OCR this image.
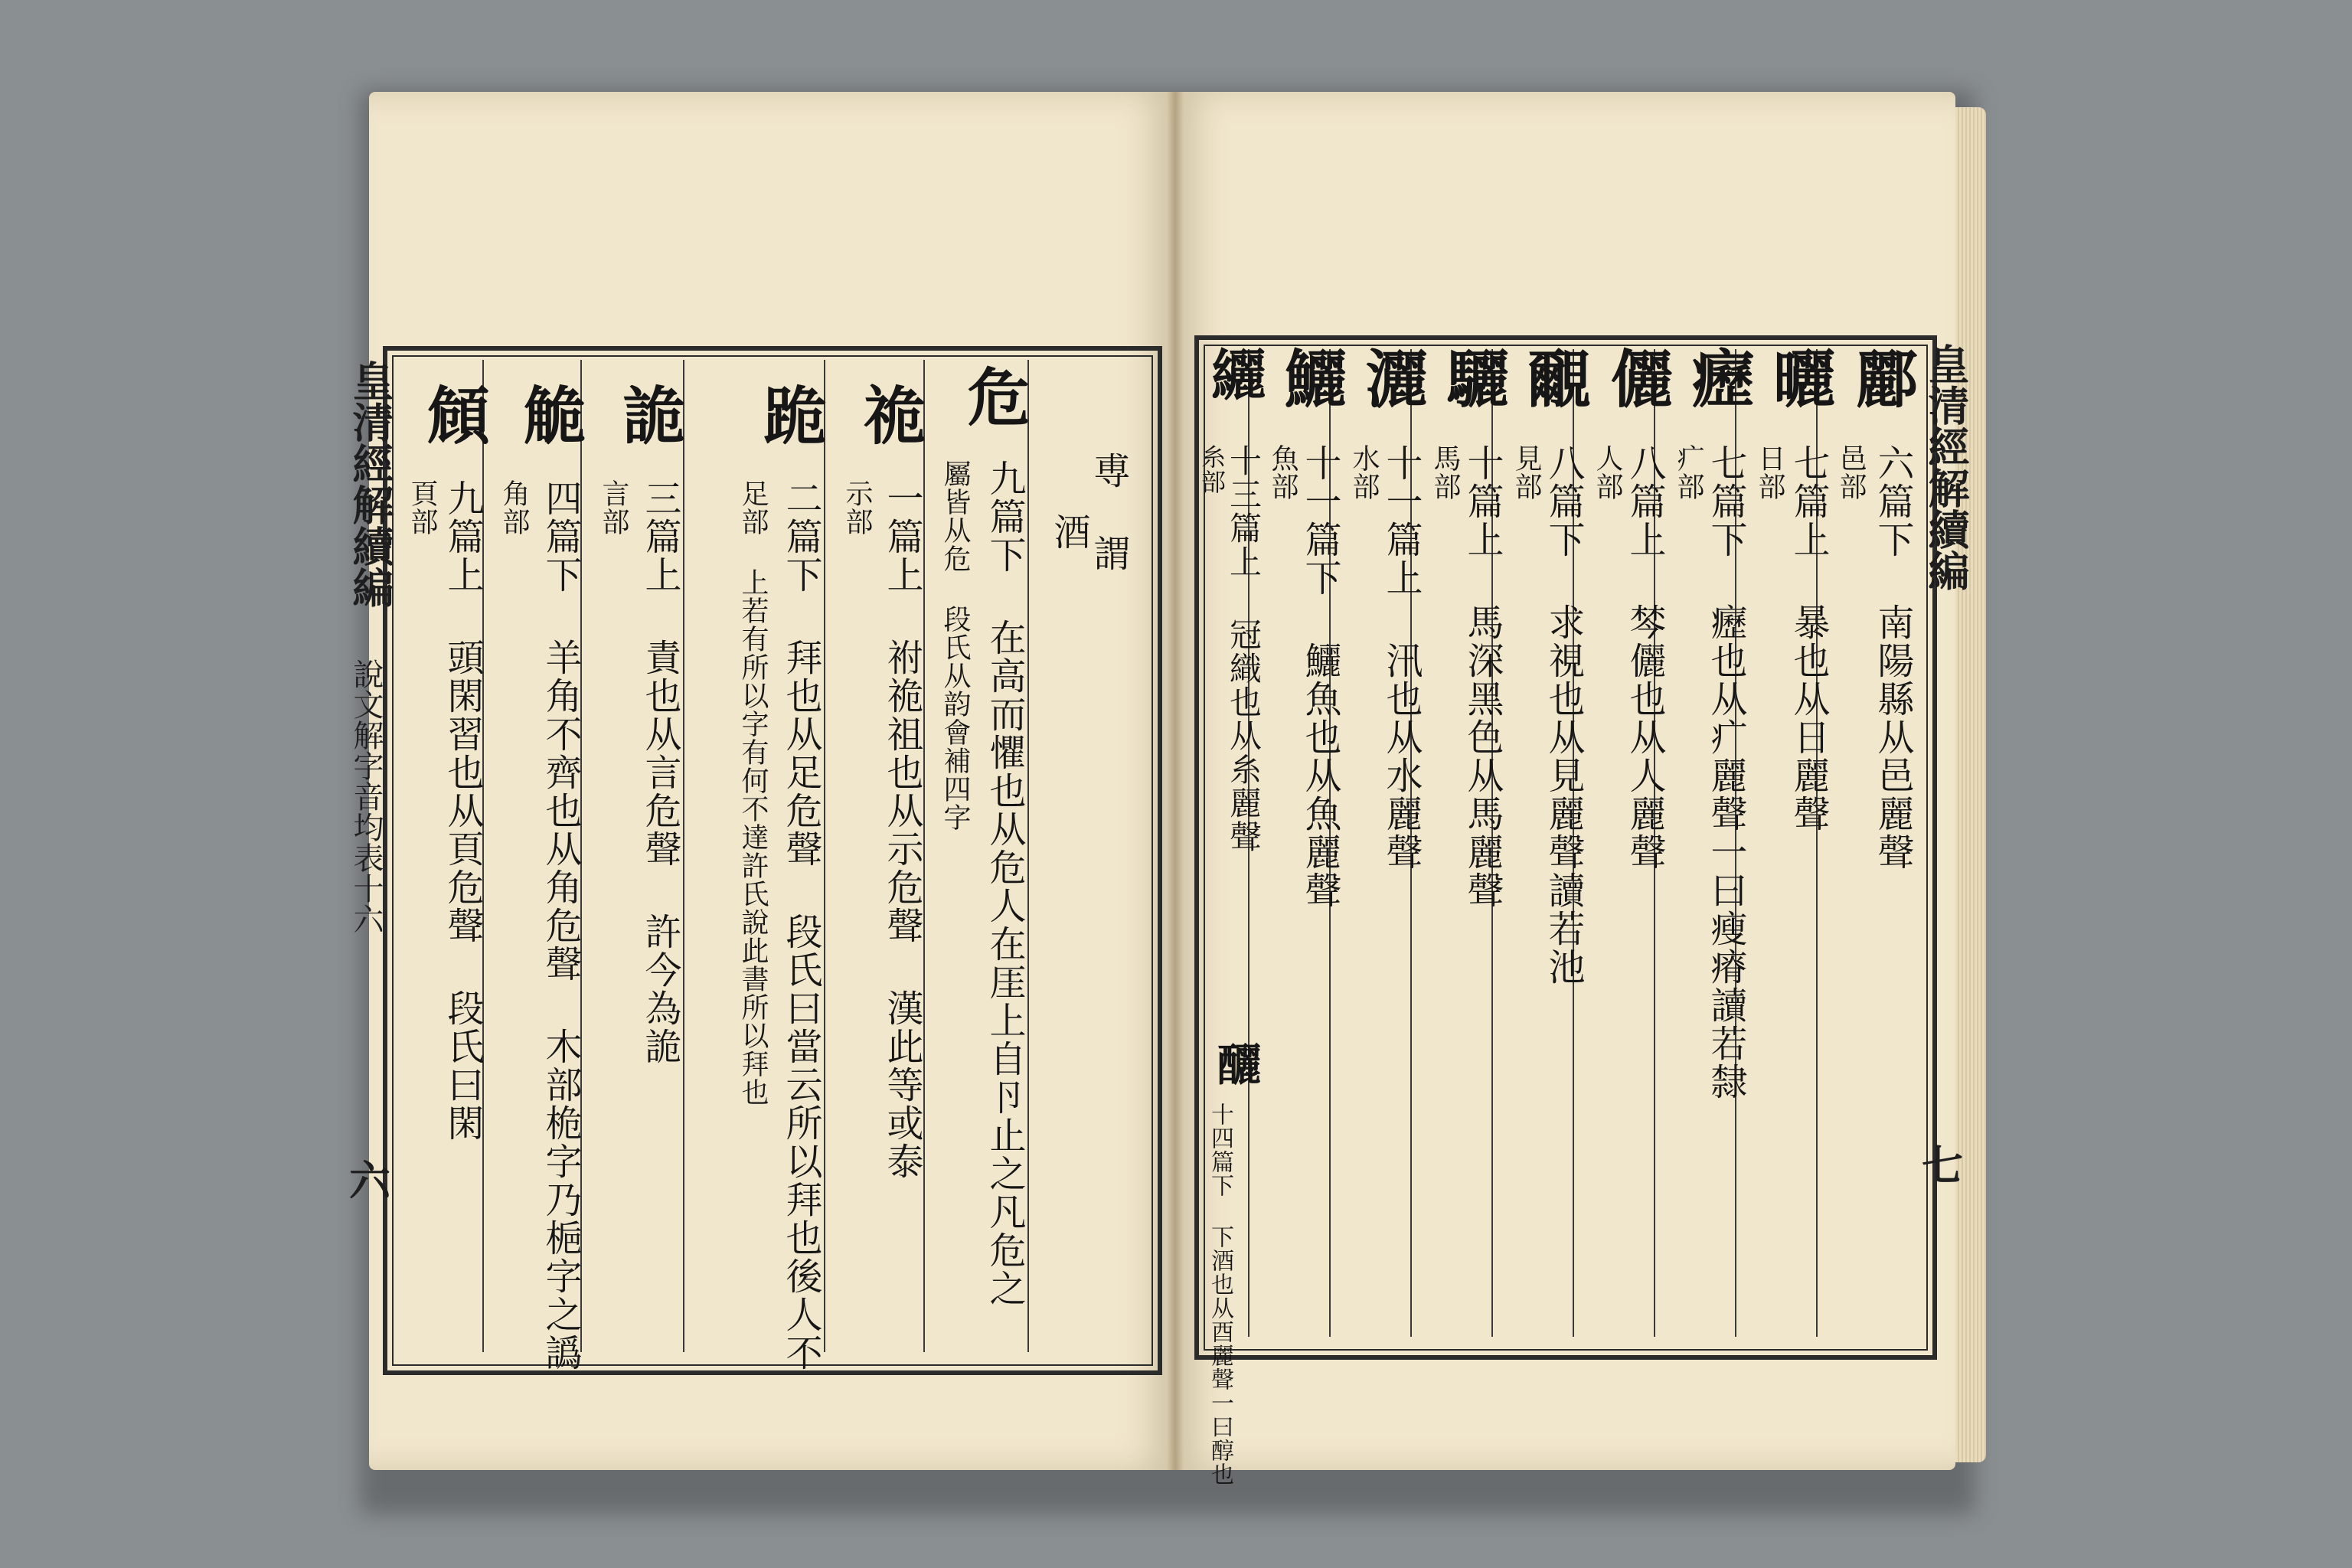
皇清經解續編
說文解字音均表十六
六
尃 謂
酒
危
九篇下 在高而懼也从危人在厓上自卪止之凡危之
屬皆从危 段氏从韵會補四字
祪
一篇上 祔祪祖也从示危聲 漢此等或泰
示部
跪
二篇下 拜也从足危聲 段氏曰當云所以拜也後人不
足部 上若有所以字有何不達許氏說此書所以拜也
詭
三篇上 責也从言危聲 許今為詭
言部
觤
四篇下 羊角不齊也从角危聲 木部桅字乃梔字之譌
角部
頠
九篇上 頭閑習也从頁危聲 段氏曰閑
頁部	皇清經解續編
七
酈
六篇下 南陽縣从邑麗聲
邑部
曬
七篇上 暴也从日麗聲
日部
癧
七篇下 癧也从疒麗聲一曰瘦瘠讀若隸
疒部
儷
八篇上 棽儷也从人麗聲
人部
覼
八篇下 求視也从見麗聲讀若池
見部
驪
十篇上 馬深黑色从馬麗聲
馬部
灑
十一篇上 汛也从水麗聲
水部
鱺
十一篇下 鱺魚也从魚麗聲
魚部
纚
十三篇上 冠織也从糸麗聲
糸部
釃
十四篇下 下酒也从酉麗聲一曰醇也
